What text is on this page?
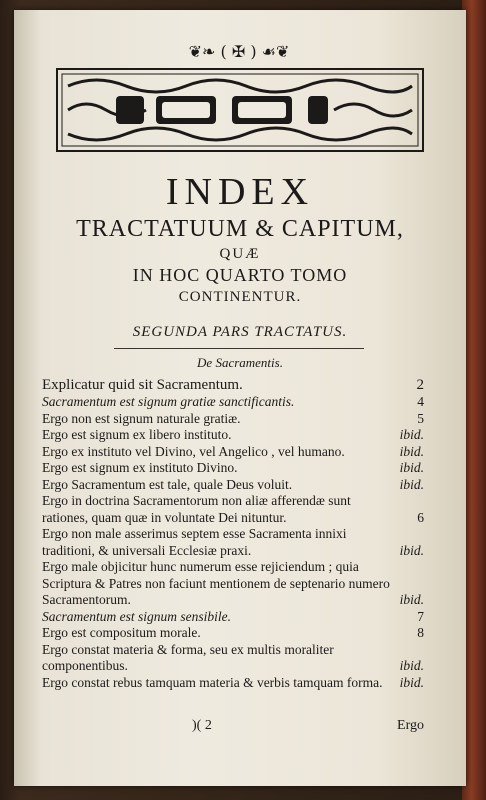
❦❧ ( ✠ ) ☙❦
INDEX
TRACTATUUM & CAPITUM,
QUÆ
IN HOC QUARTO TOMO
CONTINENTUR.
SEGUNDA PARS TRACTATUS.
De Sacramentis.
Explicatur quid sit Sacramentum.	2
Sacramentum est signum gratiæ sanctificantis.	4
Ergo non est signum naturale gratiæ.	5
Ergo est signum ex libero instituto.	ibid.
Ergo ex instituto vel Divino, vel Angelico , vel humano.	ibid.
Ergo est signum ex instituto Divino.	ibid.
Ergo Sacramentum est tale, quale Deus voluit.	ibid.
Ergo in doctrina Sacramentorum non aliæ afferendæ sunt rationes, quam quæ in voluntate Dei nituntur.	6
Ergo non male asserimus septem esse Sacramenta innixi traditioni, & universali Ecclesiæ praxi.	ibid.
Ergo male objicitur hunc numerum esse rejiciendum ; quia Scriptura & Patres non faciunt mentionem de septenario numero Sacramentorum.	ibid.
Sacramentum est signum sensibile.	7
Ergo est compositum morale.	8
Ergo constat materia & forma, seu ex multis moraliter componentibus.	ibid.
Ergo constat rebus tamquam materia & verbis tamquam forma.	ibid.
)( 2	Ergo
